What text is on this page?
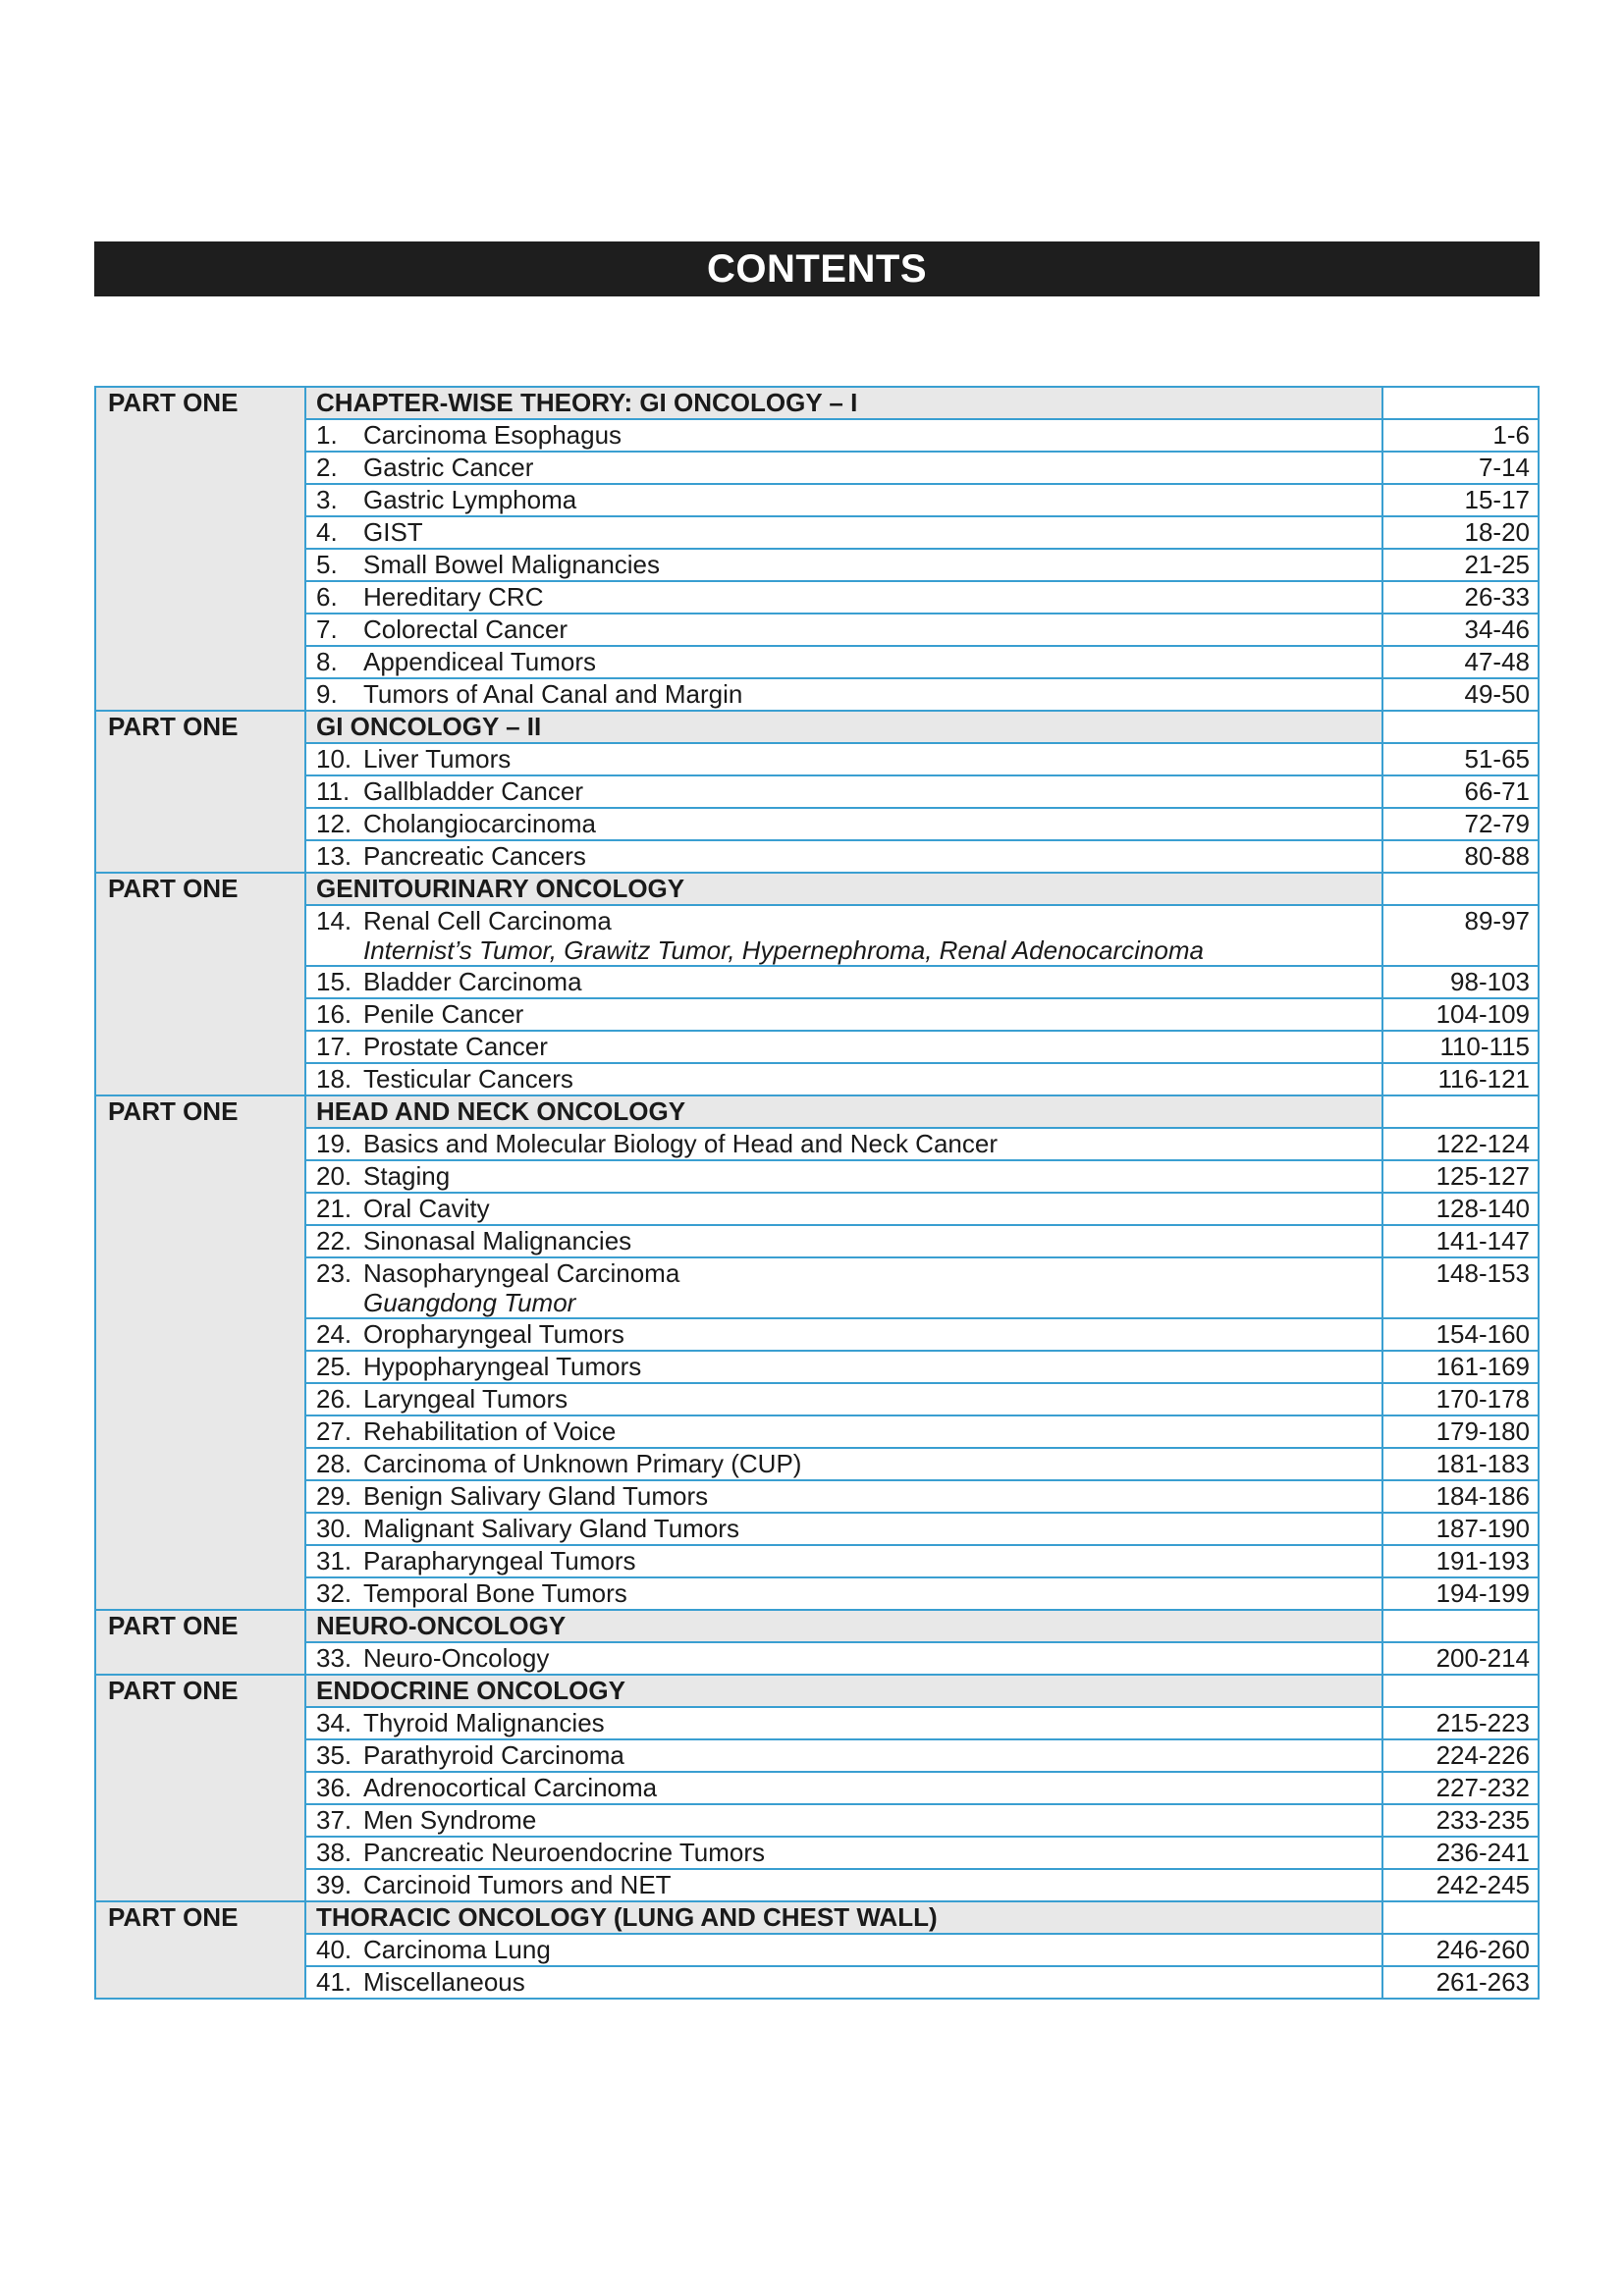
CONTENTS
PART ONE	CHAPTER-WISE THEORY: GI ONCOLOGY – I	
	1. Carcinoma Esophagus	1-6
	2. Gastric Cancer	7-14
	3. Gastric Lymphoma	15-17
	4. GIST	18-20
	5. Small Bowel Malignancies	21-25
	6. Hereditary CRC	26-33
	7. Colorectal Cancer	34-46
	8. Appendiceal Tumors	47-48
	9. Tumors of Anal Canal and Margin	49-50
PART ONE	GI ONCOLOGY – II	
	10. Liver Tumors	51-65
	11. Gallbladder Cancer	66-71
	12. Cholangiocarcinoma	72-79
	13. Pancreatic Cancers	80-88
PART ONE	GENITOURINARY ONCOLOGY	
	14. Renal Cell Carcinoma
Internist’s Tumor, Grawitz Tumor, Hypernephroma, Renal Adenocarcinoma	89-97
	15. Bladder Carcinoma	98-103
	16. Penile Cancer	104-109
	17. Prostate Cancer	110-115
	18. Testicular Cancers	116-121
PART ONE	HEAD AND NECK ONCOLOGY	
	19. Basics and Molecular Biology of Head and Neck Cancer	122-124
	20. Staging	125-127
	21. Oral Cavity	128-140
	22. Sinonasal Malignancies	141-147
	23. Nasopharyngeal Carcinoma
Guangdong Tumor	148-153
	24. Oropharyngeal Tumors	154-160
	25. Hypopharyngeal Tumors	161-169
	26. Laryngeal Tumors	170-178
	27. Rehabilitation of Voice	179-180
	28. Carcinoma of Unknown Primary (CUP)	181-183
	29. Benign Salivary Gland Tumors	184-186
	30. Malignant Salivary Gland Tumors	187-190
	31. Parapharyngeal Tumors	191-193
	32. Temporal Bone Tumors	194-199
PART ONE	NEURO-ONCOLOGY	
	33. Neuro-Oncology	200-214
PART ONE	ENDOCRINE ONCOLOGY	
	34. Thyroid Malignancies	215-223
	35. Parathyroid Carcinoma	224-226
	36. Adrenocortical Carcinoma	227-232
	37. Men Syndrome	233-235
	38. Pancreatic Neuroendocrine Tumors	236-241
	39. Carcinoid Tumors and NET	242-245
PART ONE	THORACIC ONCOLOGY (LUNG AND CHEST WALL)	
	40. Carcinoma Lung	246-260
	41. Miscellaneous	261-263
